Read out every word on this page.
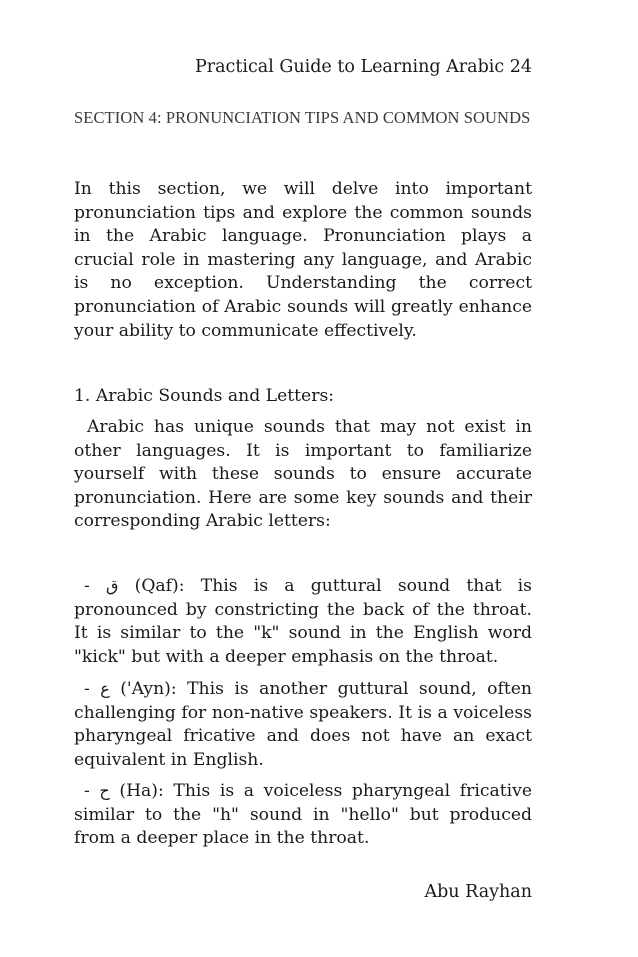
Practical Guide to Learning Arabic 24
SECTION 4: PRONUNCIATION TIPS AND COMMON SOUNDS

In this section, we will delve into important pronunciation tips and explore the common sounds in the Arabic language. Pronunciation plays a crucial role in mastering any language, and Arabic is no exception. Understanding the correct pronunciation of Arabic sounds will greatly enhance your ability to communicate effectively.

1. Arabic Sounds and Letters:

Arabic has unique sounds that may not exist in other languages. It is important to familiarize yourself with these sounds to ensure accurate pronunciation. Here are some key sounds and their corresponding Arabic letters:

- ق (Qaf): This is a guttural sound that is pronounced by constricting the back of the throat. It is similar to the "k" sound in the English word "kick" but with a deeper emphasis on the throat.

- ع ('Ayn): This is another guttural sound, often challenging for non-native speakers. It is a voiceless pharyngeal fricative and does not have an exact equivalent in English.

- ح (Ha): This is a voiceless pharyngeal fricative similar to the "h" sound in "hello" but produced from a deeper place in the throat.

Abu Rayhan
